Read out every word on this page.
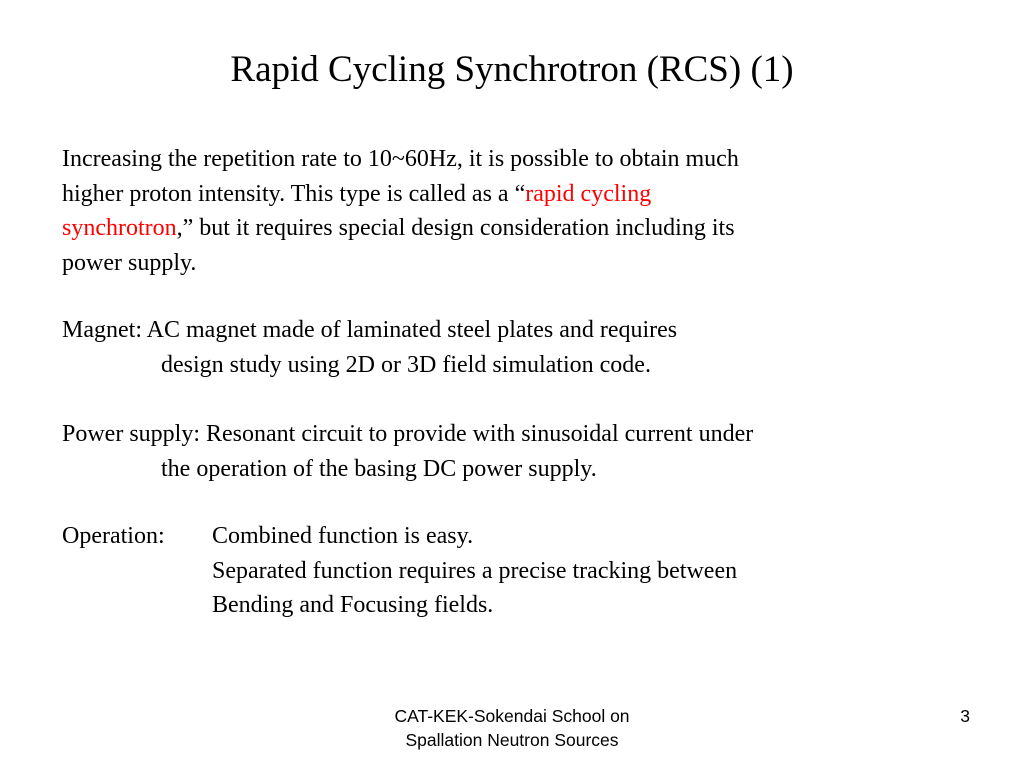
Rapid Cycling Synchrotron (RCS) (1)
Increasing the repetition rate to 10~60Hz, it is possible to obtain much
higher proton intensity. This type is called as a “rapid cycling
synchrotron,” but it requires special design consideration including its
power supply.
Magnet: AC magnet made of laminated steel plates and requires
design study using 2D or 3D field simulation code.
Power supply: Resonant circuit to provide with sinusoidal current under
the operation of the basing DC power supply.
Operation: Combined function is easy.
Separated function requires a precise tracking between
Bending and Focusing fields.
CAT-KEK-Sokendai School on
Spallation Neutron Sources
3
